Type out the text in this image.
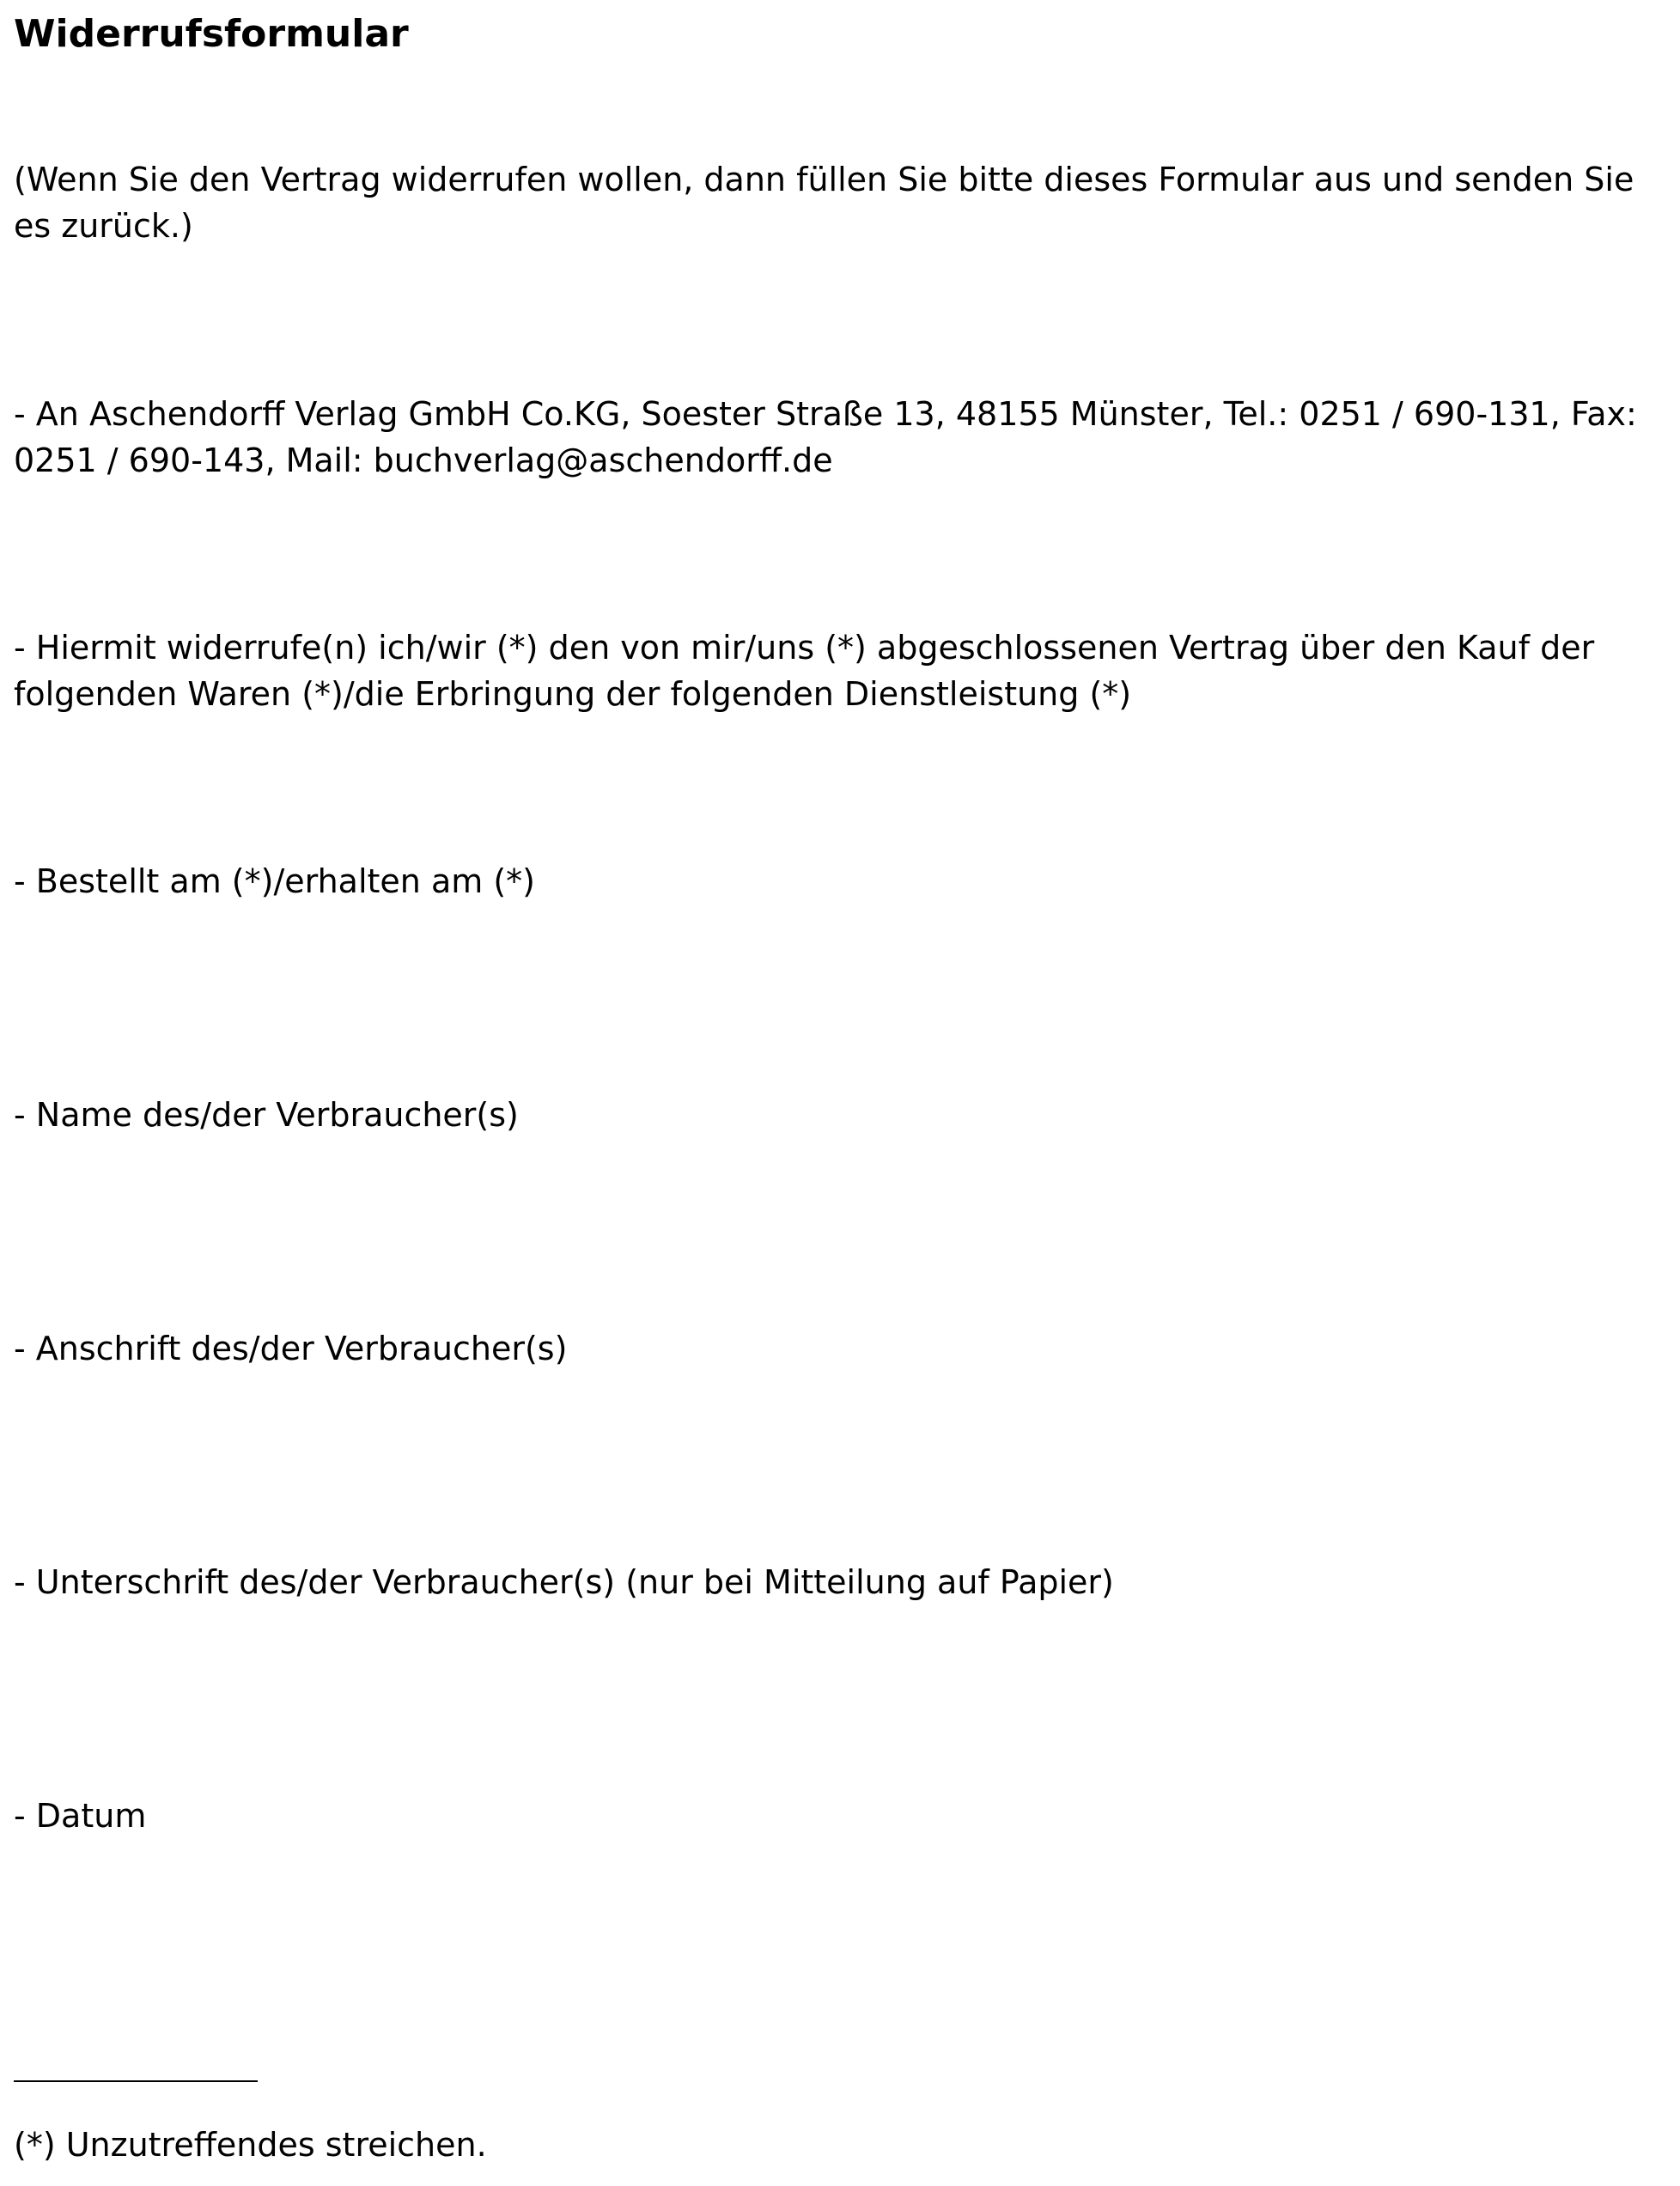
Widerrufsformular

(Wenn Sie den Vertrag widerrufen wollen, dann füllen Sie bitte dieses Formular aus und senden Sie es zurück.)

- An Aschendorff Verlag GmbH Co.KG, Soester Straße 13, 48155 Münster, Tel.: 0251 / 690-131, Fax: 0251 / 690-143, Mail: buchverlag@aschendorff.de

- Hiermit widerrufe(n) ich/wir (*) den von mir/uns (*) abgeschlossenen Vertrag über den Kauf der folgenden Waren (*)/die Erbringung der folgenden Dienstleistung (*)

- Bestellt am (*)/erhalten am (*)

- Name des/der Verbraucher(s)

- Anschrift des/der Verbraucher(s)

- Unterschrift des/der Verbraucher(s) (nur bei Mitteilung auf Papier)

- Datum

(*) Unzutreffendes streichen.
